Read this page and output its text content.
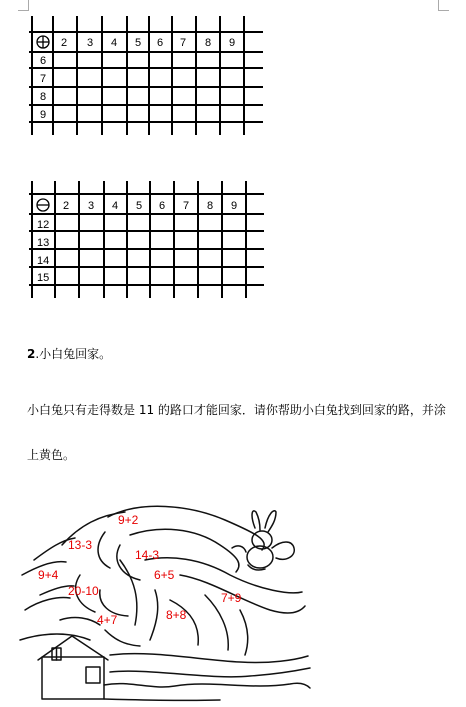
2 3 4 5 6 7 8 9
6
7
8
9
2 3 4 5 6 7 8 9
12
13
14
15
2.小白兔回家。
小白兔只有走得数是 11 的路口才能回家．请你帮助小白兔找到回家的路，并涂
上黄色。
9+2
13-3
14-3
9+4	6+5
20-10	7+9
8+8
4+7
